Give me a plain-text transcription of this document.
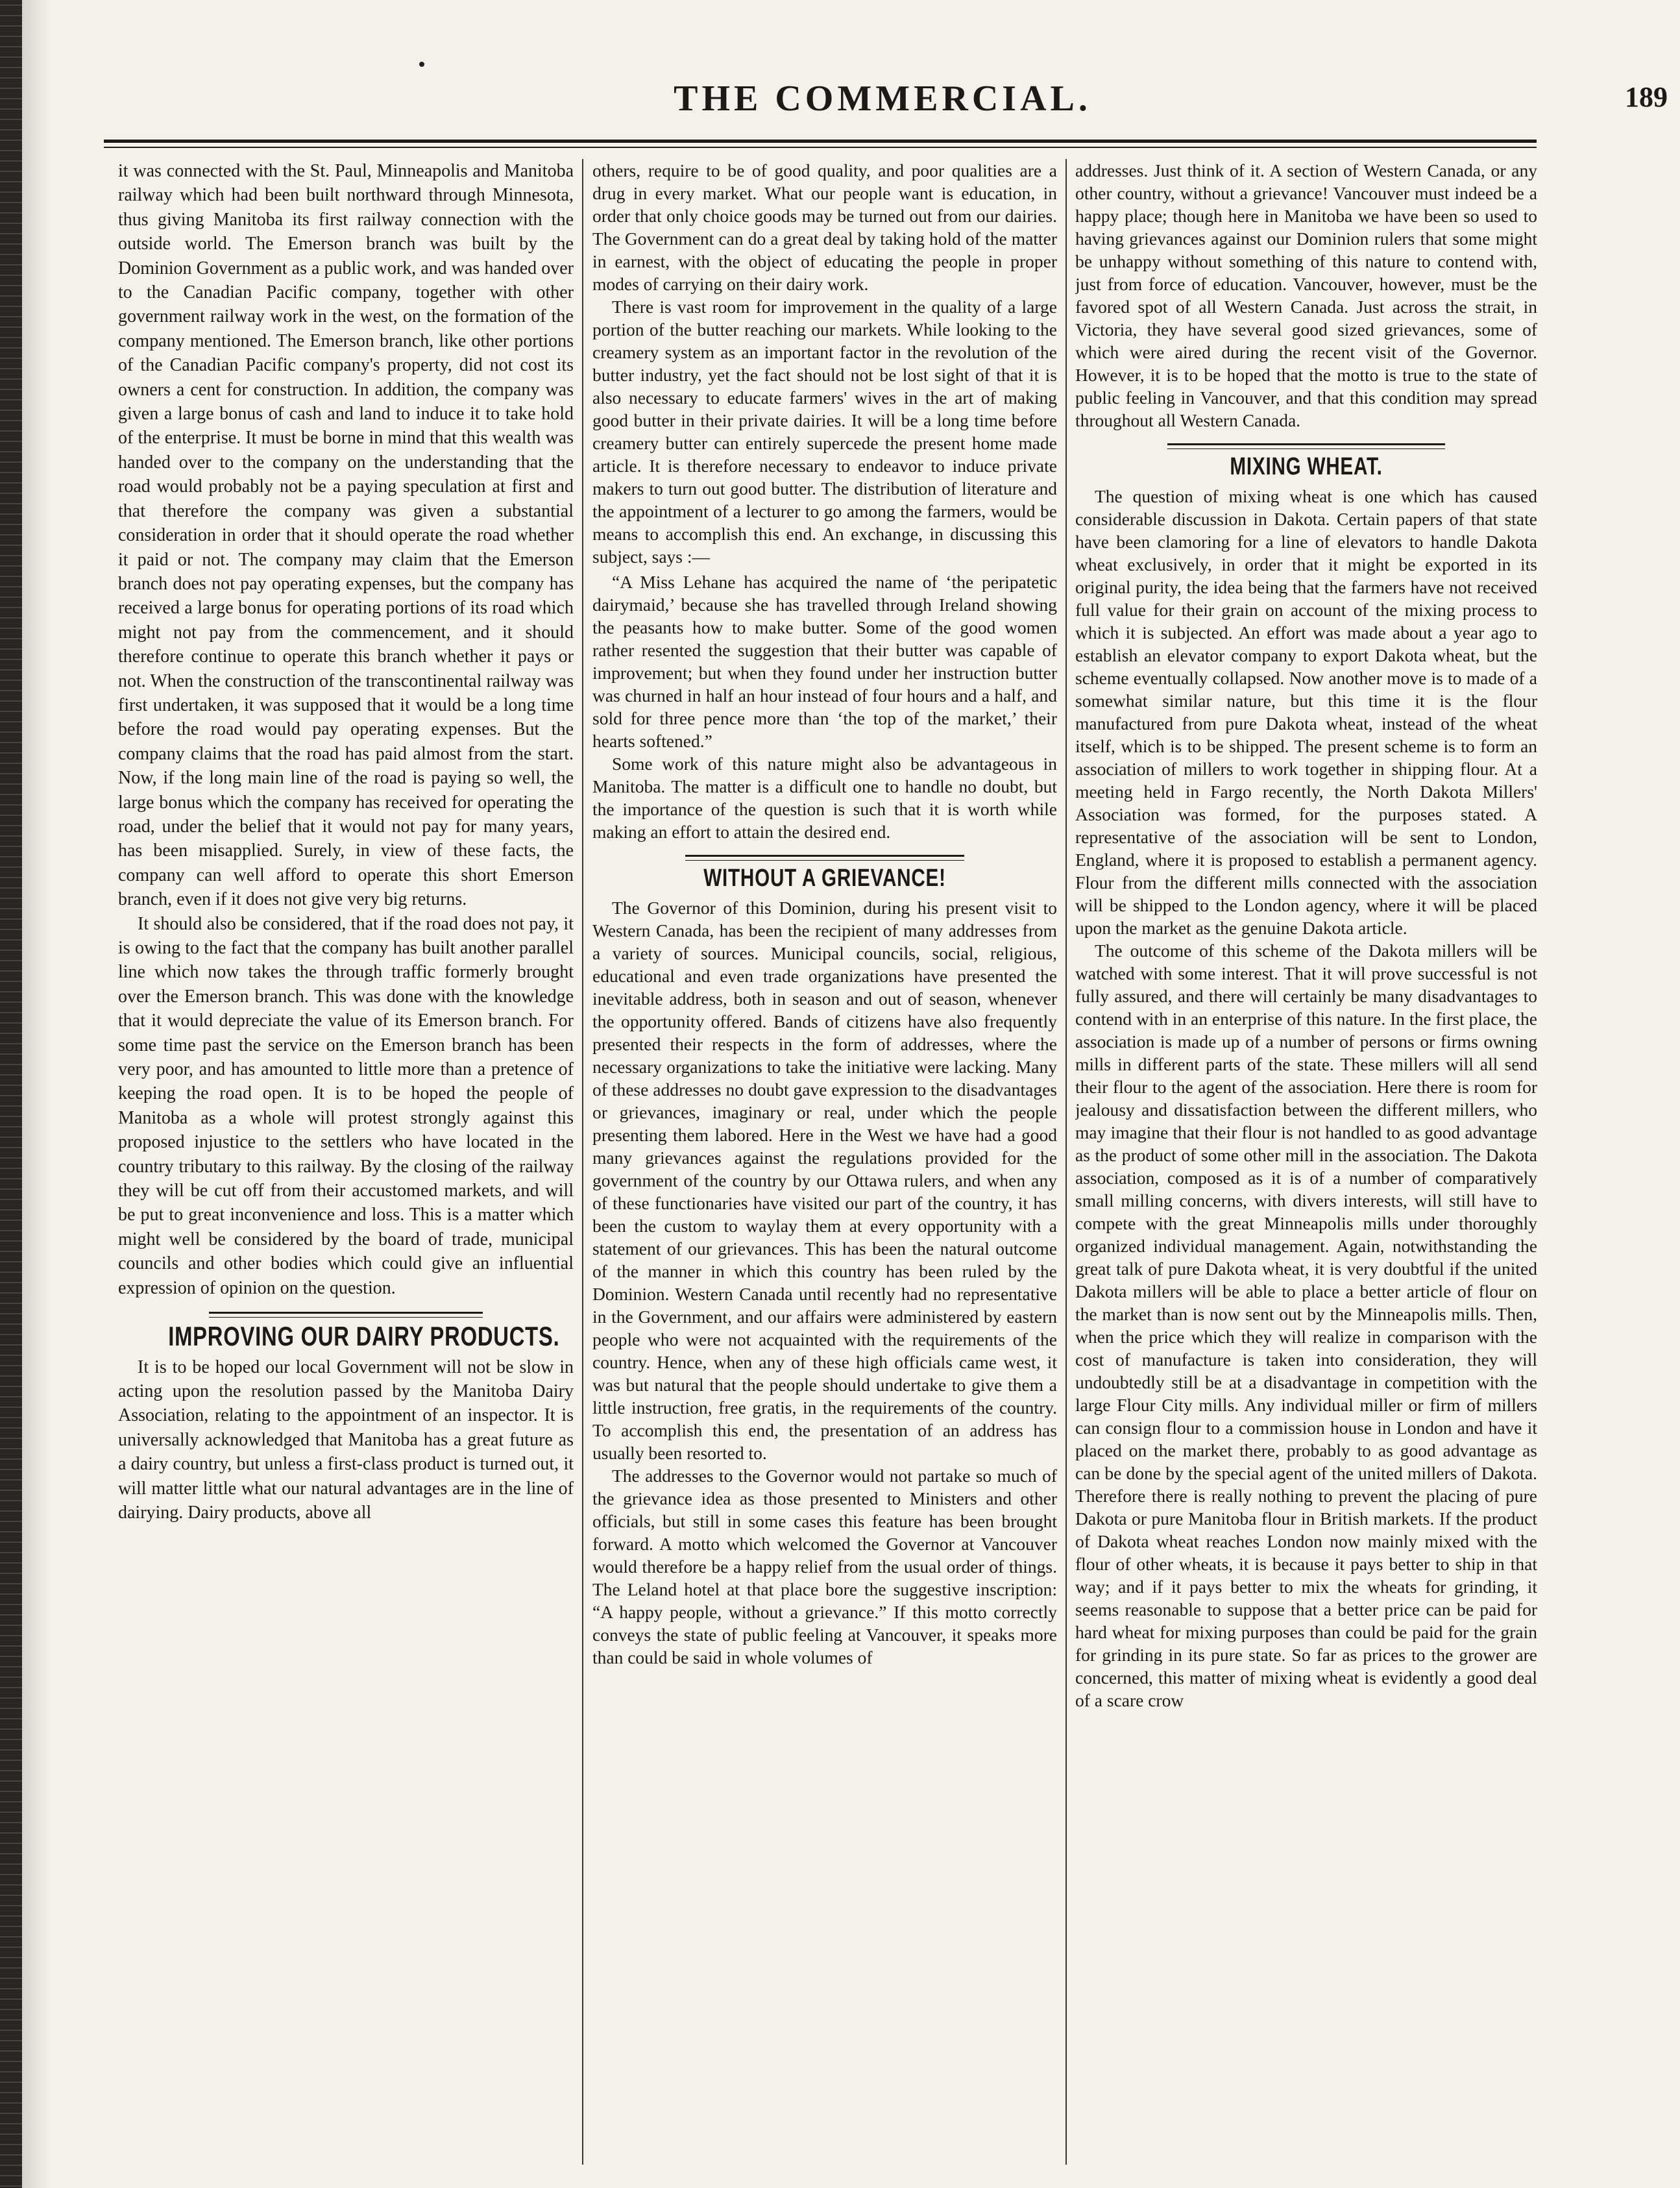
THE COMMERCIAL.	189

it was connected with the St. Paul, Minneapolis and Manitoba railway which had been built northward through Minnesota, thus giving Manitoba its first railway connection with the outside world. The Emerson branch was built by the Dominion Government as a public work, and was handed over to the Canadian Pacific company, together with other government railway work in the west, on the formation of the company mentioned. The Emerson branch, like other portions of the Canadian Pacific company's property, did not cost its owners a cent for construction. In addition, the company was given a large bonus of cash and land to induce it to take hold of the enterprise. It must be borne in mind that this wealth was handed over to the company on the understanding that the road would probably not be a paying speculation at first and that therefore the company was given a substantial consideration in order that it should operate the road whether it paid or not. The company may claim that the Emerson branch does not pay operating expenses, but the company has received a large bonus for operating portions of its road which might not pay from the commencement, and it should therefore continue to operate this branch whether it pays or not. When the construction of the transcontinental railway was first undertaken, it was supposed that it would be a long time before the road would pay operating expenses. But the company claims that the road has paid almost from the start. Now, if the long main line of the road is paying so well, the large bonus which the company has received for operating the road, under the belief that it would not pay for many years, has been misapplied. Surely, in view of these facts, the company can well afford to operate this short Emerson branch, even if it does not give very big returns.

It should also be considered, that if the road does not pay, it is owing to the fact that the company has built another parallel line which now takes the through traffic formerly brought over the Emerson branch. This was done with the knowledge that it would depreciate the value of its Emerson branch. For some time past the service on the Emerson branch has been very poor, and has amounted to little more than a pretence of keeping the road open. It is to be hoped the people of Manitoba as a whole will protest strongly against this proposed injustice to the settlers who have located in the country tributary to this railway. By the closing of the railway they will be cut off from their accustomed markets, and will be put to great inconvenience and loss. This is a matter which might well be considered by the board of trade, municipal councils and other bodies which could give an influential expression of opinion on the question.

IMPROVING OUR DAIRY PRODUCTS.

It is to be hoped our local Government will not be slow in acting upon the resolution passed by the Manitoba Dairy Association, relating to the appointment of an inspector. It is universally acknowledged that Manitoba has a great future as a dairy country, but unless a first-class product is turned out, it will matter little what our natural advantages are in the line of dairying. Dairy products, above all

others, require to be of good quality, and poor qualities are a drug in every market. What our people want is education, in order that only choice goods may be turned out from our dairies. The Government can do a great deal by taking hold of the matter in earnest, with the object of educating the people in proper modes of carrying on their dairy work.

There is vast room for improvement in the quality of a large portion of the butter reaching our markets. While looking to the creamery system as an important factor in the revolution of the butter industry, yet the fact should not be lost sight of that it is also necessary to educate farmers' wives in the art of making good butter in their private dairies. It will be a long time before creamery butter can entirely supercede the present home made article. It is therefore necessary to endeavor to induce private makers to turn out good butter. The distribution of literature and the appointment of a lecturer to go among the farmers, would be means to accomplish this end. An exchange, in discussing this subject, says :—

“A Miss Lehane has acquired the name of ‘the peripatetic dairymaid,’ because she has travelled through Ireland showing the peasants how to make butter. Some of the good women rather resented the suggestion that their butter was capable of improvement; but when they found under her instruction butter was churned in half an hour instead of four hours and a half, and sold for three pence more than ‘the top of the market,’ their hearts softened.”

Some work of this nature might also be advantageous in Manitoba. The matter is a difficult one to handle no doubt, but the importance of the question is such that it is worth while making an effort to attain the desired end.

WITHOUT A GRIEVANCE!

The Governor of this Dominion, during his present visit to Western Canada, has been the recipient of many addresses from a variety of sources. Municipal councils, social, religious, educational and even trade organizations have presented the inevitable address, both in season and out of season, whenever the opportunity offered. Bands of citizens have also frequently presented their respects in the form of addresses, where the necessary organizations to take the initiative were lacking. Many of these addresses no doubt gave expression to the disadvantages or grievances, imaginary or real, under which the people presenting them labored. Here in the West we have had a good many grievances against the regulations provided for the government of the country by our Ottawa rulers, and when any of these functionaries have visited our part of the country, it has been the custom to waylay them at every opportunity with a statement of our grievances. This has been the natural outcome of the manner in which this country has been ruled by the Dominion. Western Canada until recently had no representative in the Government, and our affairs were administered by eastern people who were not acquainted with the requirements of the country. Hence, when any of these high officials came west, it was but natural that the people should undertake to give them a little instruction, free gratis, in the requirements of the country. To accomplish this end, the presentation of an address has usually been resorted to.

The addresses to the Governor would not partake so much of the grievance idea as those presented to Ministers and other officials, but still in some cases this feature has been brought forward. A motto which welcomed the Governor at Vancouver would therefore be a happy relief from the usual order of things. The Leland hotel at that place bore the suggestive inscription: “A happy people, without a grievance.” If this motto correctly conveys the state of public feeling at Vancouver, it speaks more than could be said in whole volumes of

addresses. Just think of it. A section of Western Canada, or any other country, without a grievance! Vancouver must indeed be a happy place; though here in Manitoba we have been so used to having grievances against our Dominion rulers that some might be unhappy without something of this nature to contend with, just from force of education. Vancouver, however, must be the favored spot of all Western Canada. Just across the strait, in Victoria, they have several good sized grievances, some of which were aired during the recent visit of the Governor. However, it is to be hoped that the motto is true to the state of public feeling in Vancouver, and that this condition may spread throughout all Western Canada.

MIXING WHEAT.

The question of mixing wheat is one which has caused considerable discussion in Dakota. Certain papers of that state have been clamoring for a line of elevators to handle Dakota wheat exclusively, in order that it might be exported in its original purity, the idea being that the farmers have not received full value for their grain on account of the mixing process to which it is subjected. An effort was made about a year ago to establish an elevator company to export Dakota wheat, but the scheme eventually collapsed. Now another move is to made of a somewhat similar nature, but this time it is the flour manufactured from pure Dakota wheat, instead of the wheat itself, which is to be shipped. The present scheme is to form an association of millers to work together in shipping flour. At a meeting held in Fargo recently, the North Dakota Millers' Association was formed, for the purposes stated. A representative of the association will be sent to London, England, where it is proposed to establish a permanent agency. Flour from the different mills connected with the association will be shipped to the London agency, where it will be placed upon the market as the genuine Dakota article.

The outcome of this scheme of the Dakota millers will be watched with some interest. That it will prove successful is not fully assured, and there will certainly be many disadvantages to contend with in an enterprise of this nature. In the first place, the association is made up of a number of persons or firms owning mills in different parts of the state. These millers will all send their flour to the agent of the association. Here there is room for jealousy and dissatisfaction between the different millers, who may imagine that their flour is not handled to as good advantage as the product of some other mill in the association. The Dakota association, composed as it is of a number of comparatively small milling concerns, with divers interests, will still have to compete with the great Minneapolis mills under thoroughly organized individual management. Again, notwithstanding the great talk of pure Dakota wheat, it is very doubtful if the united Dakota millers will be able to place a better article of flour on the market than is now sent out by the Minneapolis mills. Then, when the price which they will realize in comparison with the cost of manufacture is taken into consideration, they will undoubtedly still be at a disadvantage in competition with the large Flour City mills. Any individual miller or firm of millers can consign flour to a commission house in London and have it placed on the market there, probably to as good advantage as can be done by the special agent of the united millers of Dakota. Therefore there is really nothing to prevent the placing of pure Dakota or pure Manitoba flour in British markets. If the product of Dakota wheat reaches London now mainly mixed with the flour of other wheats, it is because it pays better to ship in that way; and if it pays better to mix the wheats for grinding, it seems reasonable to suppose that a better price can be paid for hard wheat for mixing purposes than could be paid for the grain for grinding in its pure state. So far as prices to the grower are concerned, this matter of mixing wheat is evidently a good deal of a scare crow
